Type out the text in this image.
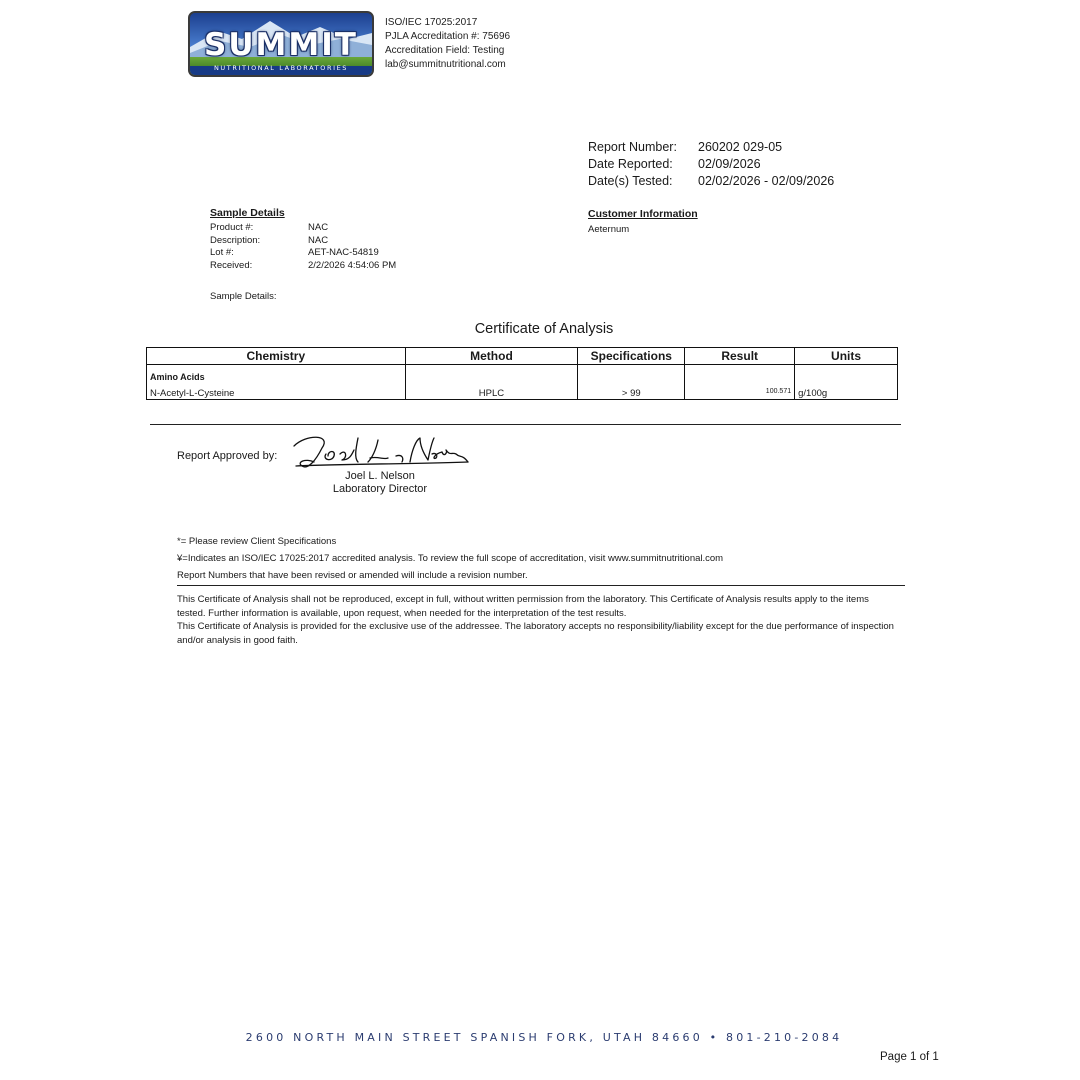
SUMMIT
NUTRITIONAL LABORATORIES
ISO/IEC 17025:2017
PJLA Accreditation #: 75696
Accreditation Field: Testing
lab@summitnutritional.com
Report Number:	260202 029-05
Date Reported:	02/09/2026
Date(s) Tested:	02/02/2026 - 02/09/2026
Sample Details
Product #:	NAC
Description:	NAC
Lot #:	AET-NAC-54819
Received:	2/2/2026 4:54:06 PM
Sample Details:
Customer Information
Aeternum
Certificate of Analysis
Chemistry	Method	Specifications	Result	Units
Amino Acids				
N-Acetyl-L-Cysteine	HPLC	> 99	100.571	g/100g
Report Approved by:
Joel L. Nelson
Laboratory Director
*= Please review Client Specifications
¥=Indicates an ISO/IEC 17025:2017 accredited analysis. To review the full scope of accreditation, visit www.summitnutritional.com
Report Numbers that have been revised or amended will include a revision number.
This Certificate of Analysis shall not be reproduced, except in full, without written permission from the laboratory. This Certificate of Analysis results apply to the items tested. Further information is available, upon request, when needed for the interpretation of the test results.
This Certificate of Analysis is provided for the exclusive use of the addressee. The laboratory accepts no responsibility/liability except for the due performance of inspection and/or analysis in good faith.
2600 NORTH MAIN STREET SPANISH FORK, UTAH 84660 • 801-210-2084
Page 1 of 1
